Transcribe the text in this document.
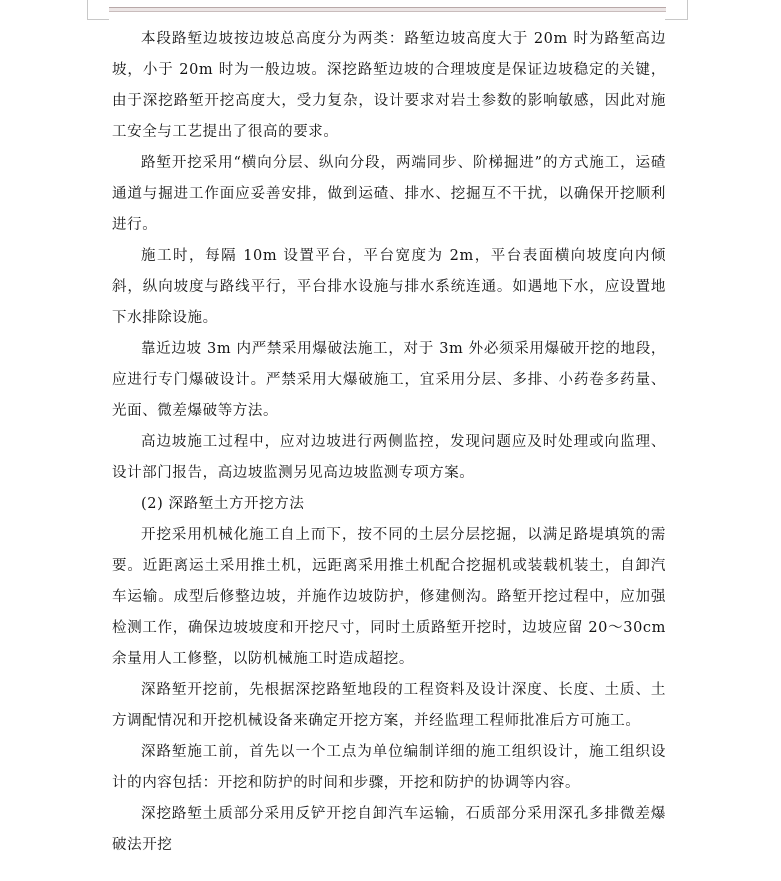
本段路堑边坡按边坡总高度分为两类：路堑边坡高度大于 20m 时为路堑高边坡，小于 20m 时为一般边坡。深挖路堑边坡的合理坡度是保证边坡稳定的关键，由于深挖路堑开挖高度大，受力复杂，设计要求对岩土参数的影响敏感，因此对施工安全与工艺提出了很高的要求。

路堑开挖采用“横向分层、纵向分段，两端同步、阶梯掘进”的方式施工，运碴通道与掘进工作面应妥善安排，做到运碴、排水、挖掘互不干扰，以确保开挖顺利进行。

施工时，每隔 10m 设置平台，平台宽度为 2m，平台表面横向坡度向内倾斜，纵向坡度与路线平行，平台排水设施与排水系统连通。如遇地下水，应设置地下水排除设施。

靠近边坡 3m 内严禁采用爆破法施工，对于 3m 外必须采用爆破开挖的地段，应进行专门爆破设计。严禁采用大爆破施工，宜采用分层、多排、小药卷多药量、光面、微差爆破等方法。

高边坡施工过程中，应对边坡进行两侧监控，发现问题应及时处理或向监理、设计部门报告，高边坡监测另见高边坡监测专项方案。

(2) 深路堑土方开挖方法

开挖采用机械化施工自上而下，按不同的土层分层挖掘，以满足路堤填筑的需要。近距离运土采用推土机，远距离采用推土机配合挖掘机或装载机装土，自卸汽车运输。成型后修整边坡，并施作边坡防护，修建侧沟。路堑开挖过程中，应加强检测工作，确保边坡坡度和开挖尺寸，同时土质路堑开挖时，边坡应留 20～30cm 余量用人工修整，以防机械施工时造成超挖。

深路堑开挖前，先根据深挖路堑地段的工程资料及设计深度、长度、土质、土方调配情况和开挖机械设备来确定开挖方案，并经监理工程师批准后方可施工。

深路堑施工前，首先以一个工点为单位编制详细的施工组织设计，施工组织设计的内容包括：开挖和防护的时间和步骤，开挖和防护的协调等内容。

深挖路堑土质部分采用反铲开挖自卸汽车运输，石质部分采用深孔多排微差爆破法开挖
